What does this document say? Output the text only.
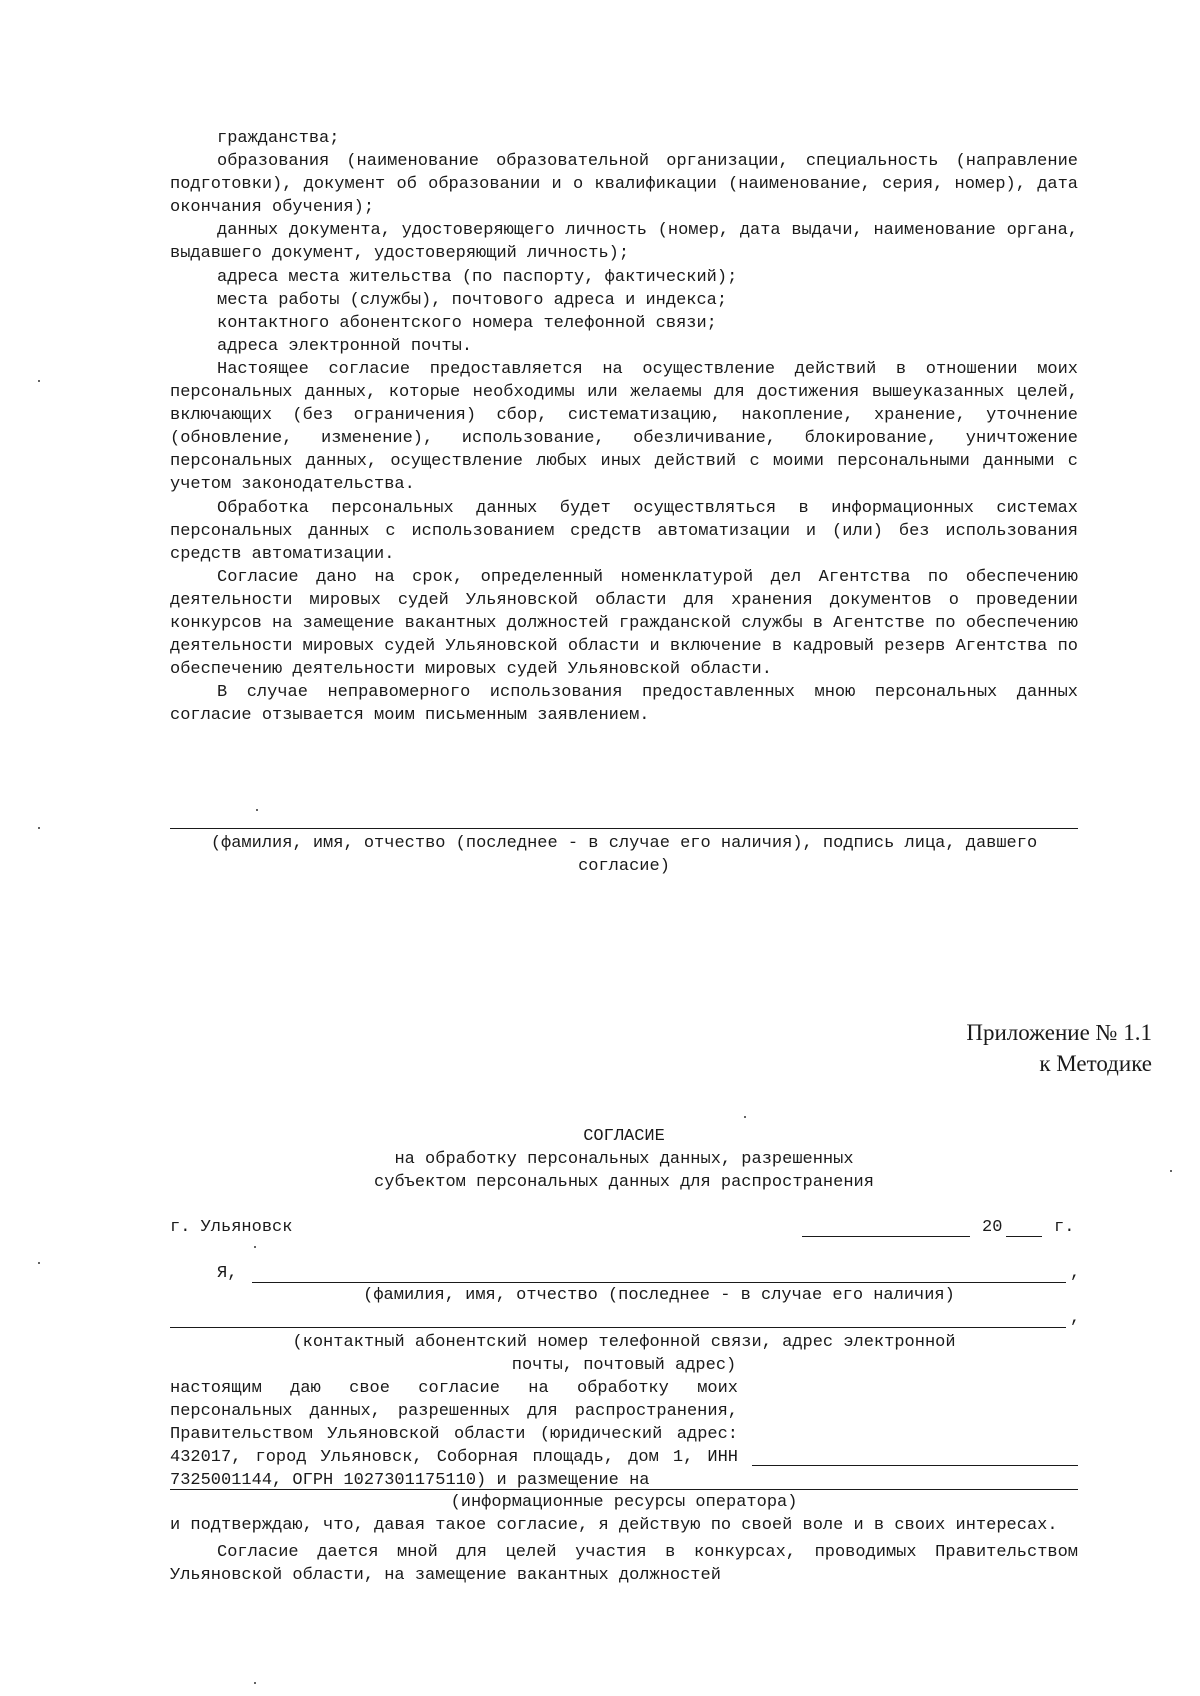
гражданства;

образования (наименование образовательной организации, специальность (направление подготовки), документ об образовании и о квалификации (наименование, серия, номер), дата окончания обучения);

данных документа, удостоверяющего личность (номер, дата выдачи, наименование органа, выдавшего документ, удостоверяющий личность);

адреса места жительства (по паспорту, фактический);

места работы (службы), почтового адреса и индекса;

контактного абонентского номера телефонной связи;

адреса электронной почты.

Настоящее согласие предоставляется на осуществление действий в отношении моих персональных данных, которые необходимы или желаемы для достижения вышеуказанных целей, включающих (без ограничения) сбор, систематизацию, накопление, хранение, уточнение (обновление, изменение), использование, обезличивание, блокирование, уничтожение персональных данных, осуществление любых иных действий с моими персональными данными с учетом законодательства.

Обработка персональных данных будет осуществляться в информационных системах персональных данных с использованием средств автоматизации и (или) без использования средств автоматизации.

Согласие дано на срок, определенный номенклатурой дел Агентства по обеспечению деятельности мировых судей Ульяновской области для хранения документов о проведении конкурсов на замещение вакантных должностей гражданской службы в Агентстве по обеспечению деятельности мировых судей Ульяновской области и включение в кадровый резерв Агентства по обеспечению деятельности мировых судей Ульяновской области.

В случае неправомерного использования предоставленных мною персональных данных согласие отзывается моим письменным заявлением.

(фамилия, имя, отчество (последнее - в случае его наличия), подпись лица, давшего согласие)
Приложение № 1.1
к Методике
СОГЛАСИЕ
на обработку персональных данных, разрешенных
субъектом персональных данных для распространения
г. Ульяновск	20	г.
Я,	,
(фамилия, имя, отчество (последнее - в случае его наличия)
,
(контактный абонентский номер телефонной связи, адрес электронной
почты, почтовый адрес)

настоящим даю свое согласие на обработку моих персональных данных, разрешенных для распространения, Правительством Ульяновской области (юридический адрес: 432017, город Ульяновск, Соборная площадь, дом 1, ИНН 7325001144, ОГРН 1027301175110) и размещение на

(информационные ресурсы оператора)

и подтверждаю, что, давая такое согласие, я действую по своей воле и в своих интересах.

Согласие дается мной для целей участия в конкурсах, проводимых Правительством Ульяновской области, на замещение вакантных должностей
